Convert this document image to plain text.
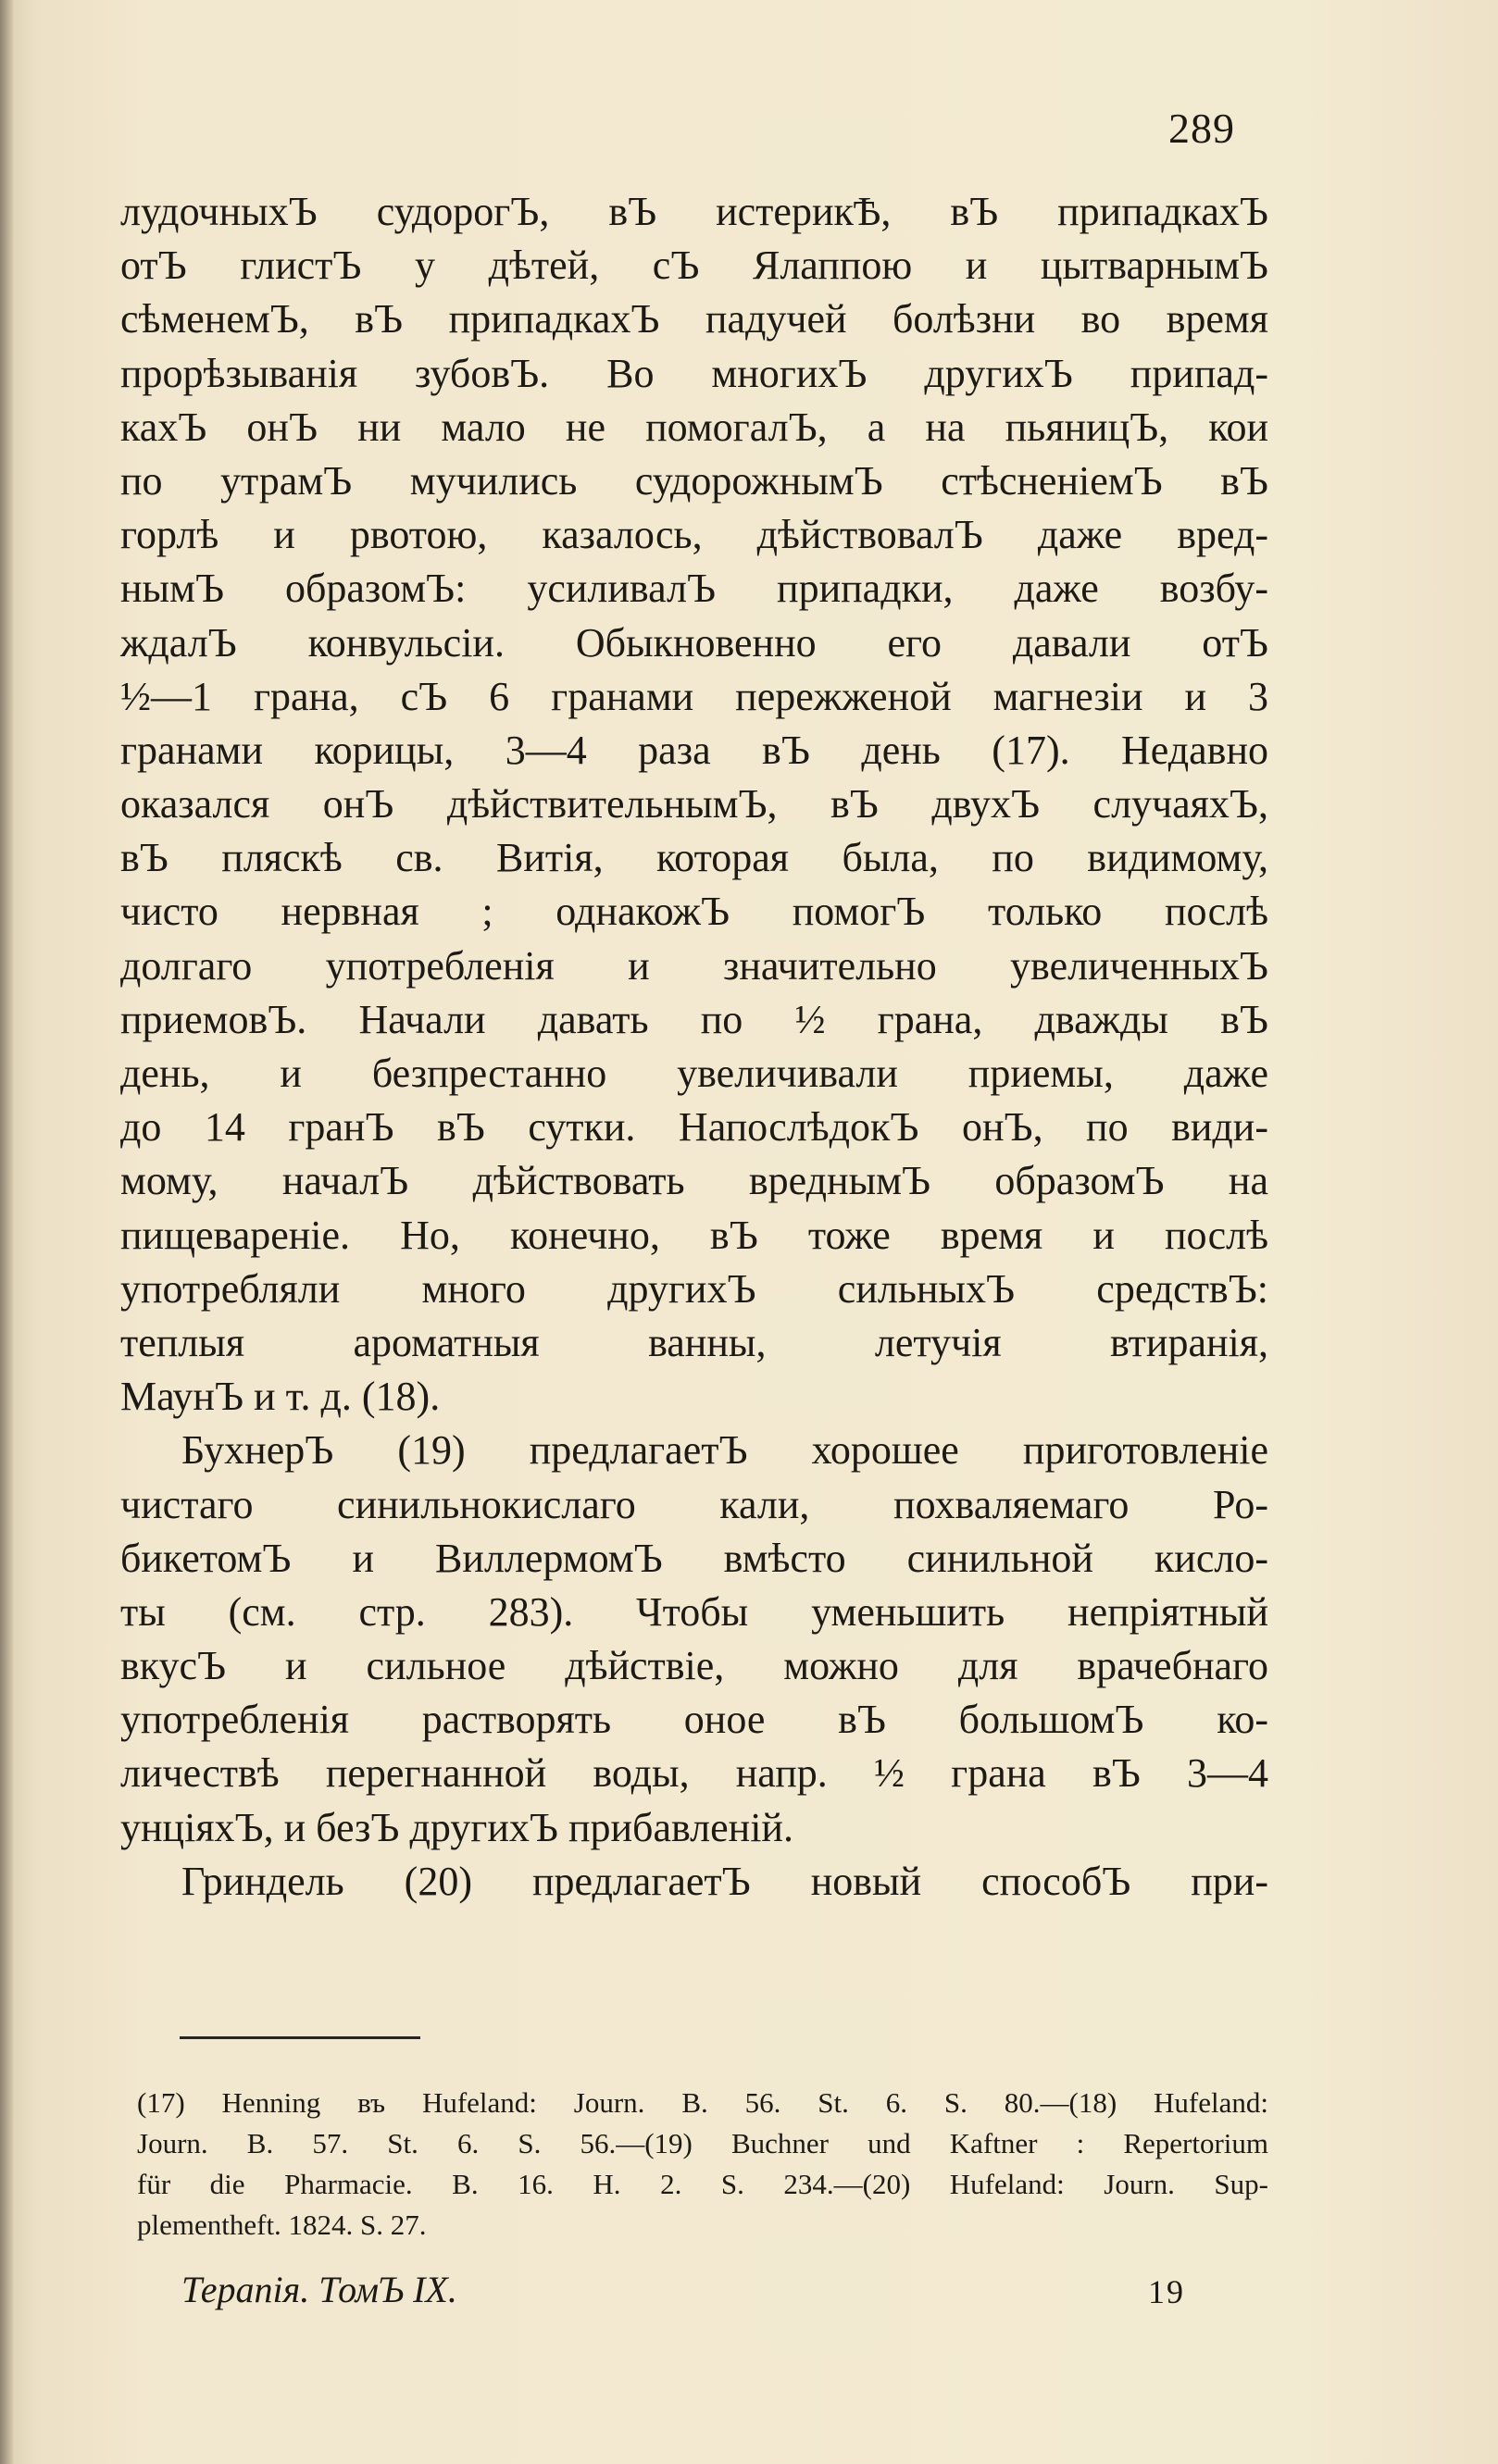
289
лудочныхЪ судорогЪ, вЪ истерикѢ, вЪ припадкахЪ
отЪ глистЪ у дѣтей, сЪ Ялаппою и цытварнымЪ
сѣменемЪ, вЪ припадкахЪ падучей болѣзни во время
прорѣзыванія зубовЪ. Во многихЪ другихЪ припад-
кахЪ онЪ ни мало не помогалЪ, а на пьяницЪ, кои
по утрамЪ мучились судорожнымЪ стѣсненіемЪ вЪ
горлѣ и рвотою, казалось, дѣйствовалЪ даже вред-
нымЪ образомЪ: усиливалЪ припадки, даже возбу-
ждалЪ конвульсіи. Обыкновенно его давали отЪ
½—1 грана, сЪ 6 гранами пережженой магнезіи и 3
гранами корицы, 3—4 раза вЪ день (17). Недавно
оказался онЪ дѣйствительнымЪ, вЪ двухЪ случаяхЪ,
вЪ пляскѣ св. Витія, которая была, по видимому,
чисто нервная ; однакожЪ помогЪ только послѣ
долгаго употребленія и значительно увеличенныхЪ
приемовЪ. Начали давать по ½ грана, дважды вЪ
день, и безпрестанно увеличивали приемы, даже
до 14 гранЪ вЪ сутки. НапослѣдокЪ онЪ, по види-
мому, началЪ дѣйствовать вреднымЪ образомЪ на
пищевареніе. Но, конечно, вЪ тоже время и послѣ
употребляли много другихЪ сильныхЪ средствЪ:
теплыя ароматныя ванны, летучія втиранія,
МаунЪ и т. д. (18).
БухнерЪ (19) предлагаетЪ хорошее приготовленіе
чистаго синильнокислаго кали, похваляемаго Ро-
бикетомЪ и ВиллермомЪ вмѣсто синильной кисло-
ты (см. стр. 283). Чтобы уменьшить непріятный
вкусЪ и сильное дѣйствіе, можно для врачебнаго
употребленія растворять оное вЪ большомЪ ко-
личествѣ перегнанной воды, напр. ½ грана вЪ 3—4
унціяхЪ, и безЪ другихЪ прибавленій.
Гриндель (20) предлагаетЪ новый способЪ при-
(17) Henning въ Hufeland: Journ. B. 56. St. 6. S. 80.—(18) Hufeland:
Journ. B. 57. St. 6. S. 56.—(19) Buchner und Kaftner : Repertorium
für die Pharmacie. B. 16. H. 2. S. 234.—(20) Hufeland: Journ. Sup-
plementheft. 1824. S. 27.
Терапія. ТомЪ IX.	19
